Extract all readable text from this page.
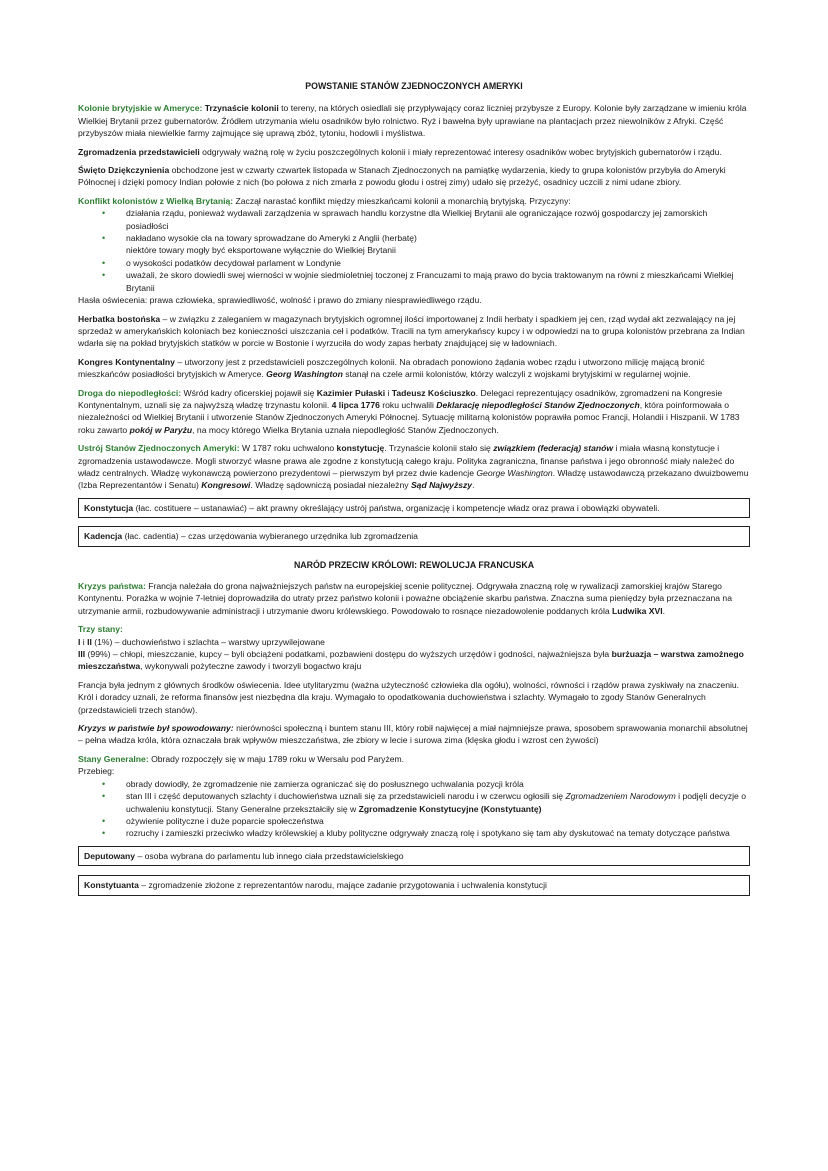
POWSTANIE STANÓW ZJEDNOCZONYCH AMERYKI

Kolonie brytyjskie w Ameryce: Trzynaście kolonii to tereny, na których osiedlali się przypływający coraz liczniej przybysze z Europy. Kolonie były zarządzane w imieniu króla Wielkiej Brytanii przez gubernatorów. Źródłem utrzymania wielu osadników było rolnictwo. Ryż i bawełna były uprawiane na plantacjach przez niewolników z Afryki. Część przybyszów miała niewielkie farmy zajmujące się uprawą zbóż, tytoniu, hodowli i myślistwa.

Zgromadzenia przedstawicieli odgrywały ważną rolę w życiu poszczególnych kolonii i miały reprezentować interesy osadników wobec brytyjskich gubernatorów i rządu.

Święto Dziękczynienia obchodzone jest w czwarty czwartek listopada w Stanach Zjednoczonych na pamiątkę wydarzenia, kiedy to grupa kolonistów przybyła do Ameryki Północnej i dzięki pomocy Indian połowie z nich (bo połowa z nich zmarła z powodu głodu i ostrej zimy) udało się przeżyć, osadnicy uczcili z nimi udane zbiory.

Konflikt kolonistów z Wielką Brytanią: Zaczął narastać konflikt między mieszkańcami kolonii a monarchią brytyjską. Przyczyny:

• działania rządu, ponieważ wydawali zarządzenia w sprawach handlu korzystne dla Wielkiej Brytanii ale ograniczające rozwój gospodarczy jej zamorskich posiadłości
• nakładano wysokie cła na towary sprowadzane do Ameryki z Anglii (herbatę)
niektóre towary mogły być eksportowane wyłącznie do Wielkiej Brytanii
• o wysokości podatków decydował parlament w Londynie
• uważali, że skoro dowiedli swej wierności w wojnie siedmioletniej toczonej z Francuzami to mają prawo do bycia traktowanym na równi z mieszkańcami Wielkiej Brytanii

Hasła oświecenia: prawa człowieka, sprawiedliwość, wolność i prawo do zmiany niesprawiedliwego rządu.

Herbatka bostońska – w związku z zaleganiem w magazynach brytyjskich ogromnej ilości importowanej z Indii herbaty i spadkiem jej cen, rząd wydał akt zezwalający na jej sprzedaż w amerykańskich koloniach bez konieczności uiszczania ceł i podatków. Tracili na tym amerykańscy kupcy i w odpowiedzi na to grupa kolonistów przebrana za Indian wdarła się na pokład brytyjskich statków w porcie w Bostonie i wyrzuciła do wody zapas herbaty znajdującej się w ładowniach.

Kongres Kontynentalny – utworzony jest z przedstawicieli poszczególnych kolonii. Na obradach ponowiono żądania wobec rządu i utworzono milicję mającą bronić mieszkańców posiadłości brytyjskich w Ameryce. Georg Washington stanął na czele armii kolonistów, którzy walczyli z wojskami brytyjskimi w regularnej wojnie.

Droga do niepodległości: Wśród kadry oficerskiej pojawił się Kazimier Pułaski i Tadeusz Kościuszko. Delegaci reprezentujący osadników, zgromadzeni na Kongresie Kontynentalnym, uznali się za najwyższą władzę trzynastu kolonii. 4 lipca 1776 roku uchwalili Deklarację niepodległości Stanów Zjednoczonych, która poinformowała o niezależności od Wielkiej Brytanii i utworzenie Stanów Zjednoczonych Ameryki Północnej. Sytuację militarną kolonistów poprawiła pomoc Francji, Holandii i Hiszpanii. W 1783 roku zawarto pokój w Paryżu, na mocy którego Wielka Brytania uznała niepodległość Stanów Zjednoczonych.

Ustrój Stanów Zjednoczonych Ameryki: W 1787 roku uchwalono konstytucję. Trzynaście kolonii stało się związkiem (federacją) stanów i miała własną konstytucje i zgromadzenia ustawodawcze. Mogli stworzyć własne prawa ale zgodne z konstytucją całego kraju. Polityka zagraniczna, finanse państwa i jego obronność miały należeć do władz centralnych. Władzę wykonawczą powierzono prezydentowi – pierwszym był przez dwie kadencje George Washington. Władzę ustawodawczą przekazano dwuizbowemu (Izba Reprezentantów i Senatu) Kongresowi. Władzę sądowniczą posiadał niezależny Sąd Najwyższy.

Konstytucja (łac. costituere – ustanawiać) – akt prawny określający ustrój państwa, organizację i kompetencje władz oraz prawa i obowiązki obywateli.
Kadencja (łac. cadentia) – czas urzędowania wybieranego urzędnika lub zgromadzenia
NARÓD PRZECIW KRÓLOWI: REWOLUCJA FRANCUSKA

Kryzys państwa: Francja należała do grona najważniejszych państw na europejskiej scenie politycznej. Odgrywała znaczną rolę w rywalizacji zamorskiej krajów Starego Kontynentu. Porażka w wojnie 7-letniej doprowadziła do utraty przez państwo kolonii i poważne obciążenie skarbu państwa. Znaczna suma pieniędzy była przeznaczana na utrzymanie armii, rozbudowywanie administracji i utrzymanie dworu królewskiego. Powodowało to rosnące niezadowolenie poddanych króla Ludwika XVI.

Trzy stany:
I i II (1%) – duchowieństwo i szlachta – warstwy uprzywilejowane
III (99%) – chłopi, mieszczanie, kupcy – byli obciążeni podatkami, pozbawieni dostępu do wyższych urzędów i godności, najważniejsza była burżuazja – warstwa zamożnego mieszczaństwa, wykonywali pożyteczne zawody i tworzyli bogactwo kraju

Francja była jednym z głównych środków oświecenia. Idee utylitaryzmu (ważna użyteczność człowieka dla ogółu), wolności, równości i rządów prawa zyskiwały na znaczeniu. Król i doradcy uznali, że reforma finansów jest niezbędna dla kraju. Wymagało to opodatkowania duchowieństwa i szlachty. Wymagało to zgody Stanów Generalnych (przedstawicieli trzech stanów).

Kryzys w państwie był spowodowany: nierówności społeczną i buntem stanu III, który robił najwięcej a miał najmniejsze prawa, sposobem sprawowania monarchii absolutnej – pełna władza króla, która oznaczała brak wpływów mieszczaństwa, złe zbiory w lecie i surowa zima (klęska głodu i wzrost cen żywości)

Stany Generalne: Obrady rozpoczęły się w maju 1789 roku w Wersalu pod Paryżem.
Przebieg:

• obrady dowiodły, że zgromadzenie nie zamierza ograniczać się do posłusznego uchwalania pozycji króla
• stan III i część deputowanych szlachty i duchowieństwa uznali się za przedstawicieli narodu i w czerwcu ogłosili się Zgromadzeniem Narodowym i podjęli decyzje o uchwaleniu konstytucji. Stany Generalne przekształciły się w Zgromadzenie Konstytucyjne (Konstytuantę)
• ożywienie polityczne i duże poparcie społeczeństwa
• rozruchy i zamieszki przeciwko władzy królewskiej a kluby polityczne odgrywały znaczą rolę i spotykano się tam aby dyskutować na tematy dotyczące państwa
Deputowany – osoba wybrana do parlamentu lub innego ciała przedstawicielskiego
Konstytuanta – zgromadzenie złożone z reprezentantów narodu, mające zadanie przygotowania i uchwalenia konstytucji
